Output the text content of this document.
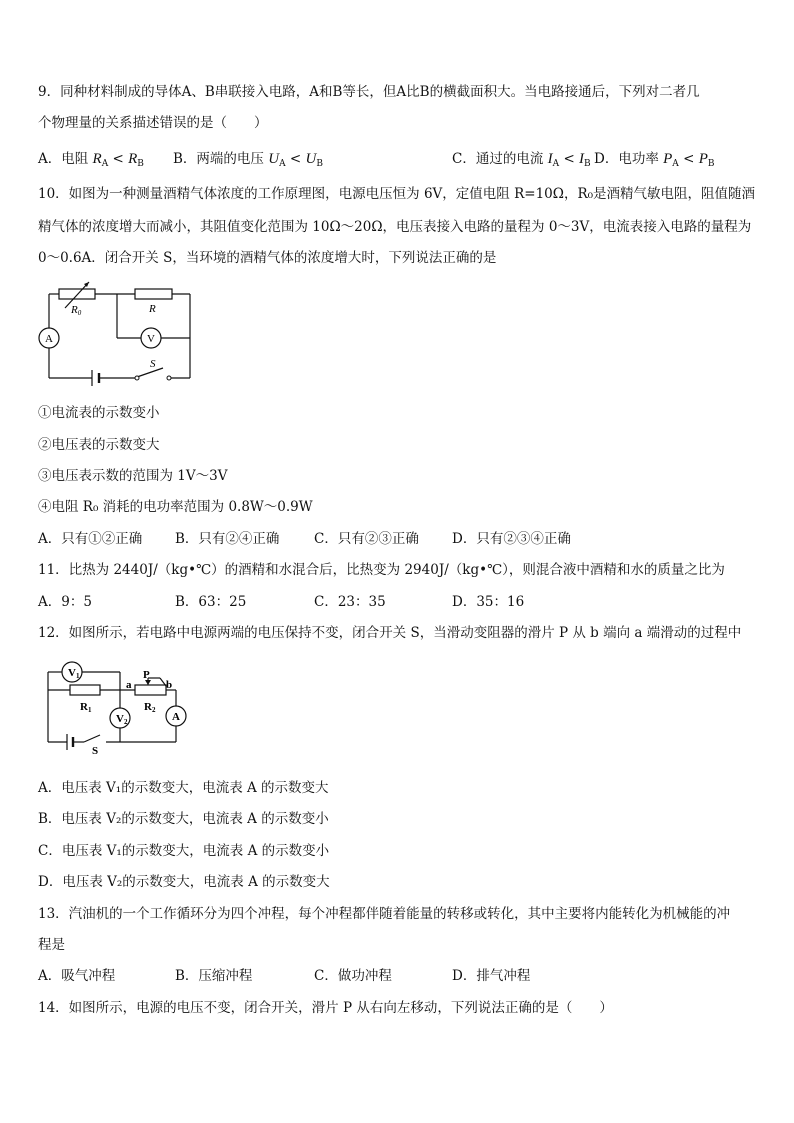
9．同种材料制成的导体A、B串联接入电路，A和B等长，但A比B的横截面积大。当电路接通后，下列对二者几
个物理量的关系描述错误的是（　　）
A．电阻 $R_A < R_B$ B．两端的电压 $U_A < U_B$	C．通过的电流 $I_A < I_B$ D．电功率 $P_A < P_B$
10．如图为一种测量酒精气体浓度的工作原理图，电源电压恒为 6V，定值电阻 R=10Ω，R₀是酒精气敏电阻，阻值随酒
精气体的浓度增大而减小，其阻值变化范围为 10Ω～20Ω，电压表接入电路的量程为 0～3V，电流表接入电路的量程为
0～0.6A．闭合开关 S，当环境的酒精气体的浓度增大时，下列说法正确的是
R0	R
A	V
S
①电流表的示数变小
②电压表的示数变大
③电压表示数的范围为 1V～3V
④电阻 R₀ 消耗的电功率范围为 0.8W～0.9W
A．只有①②正确 B．只有②④正确	C．只有②③正确 D．只有②③④正确
11．比热为 2440J/（kg•℃）的酒精和水混合后，比热变为 2940J/（kg•℃），则混合液中酒精和水的质量之比为
A．9：5	B．63：25	C．23：35	D．35：16
12．如图所示，若电路中电源两端的电压保持不变，闭合开关 S，当滑动变阻器的滑片 P 从 b 端向 a 端滑动的过程中
R1	R2
a	b
P
V1
V2	A
S
A．电压表 V₁的示数变大，电流表 A 的示数变大
B．电压表 V₂的示数变大，电流表 A 的示数变小
C．电压表 V₁的示数变大，电流表 A 的示数变小
D．电压表 V₂的示数变大，电流表 A 的示数变大
13．汽油机的一个工作循环分为四个冲程，每个冲程都伴随着能量的转移或转化，其中主要将内能转化为机械能的冲
程是
A．吸气冲程	B．压缩冲程	C．做功冲程	D．排气冲程
14．如图所示，电源的电压不变，闭合开关，滑片 P 从右向左移动，下列说法正确的是（　　）
